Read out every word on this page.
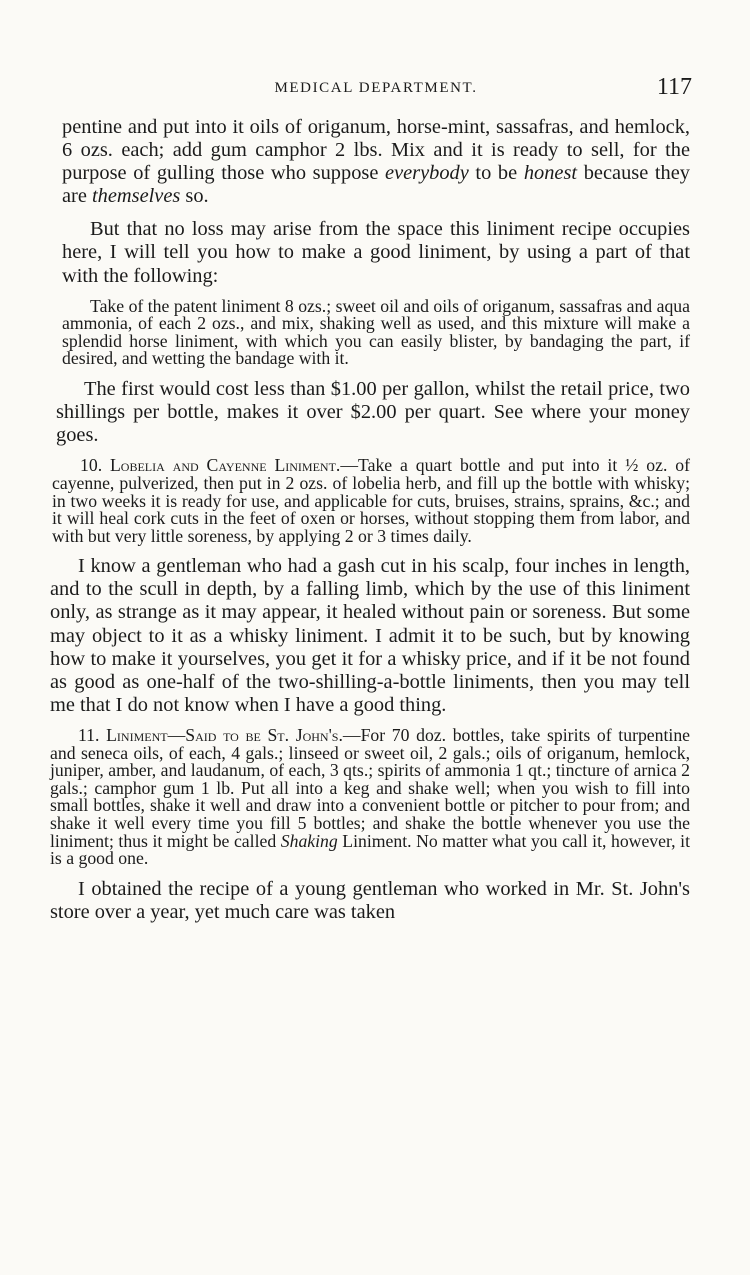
MEDICAL DEPARTMENT.	117

pentine and put into it oils of origanum, horse-mint, sassafras, and hemlock, 6 ozs. each; add gum camphor 2 lbs. Mix and it is ready to sell, for the purpose of gulling those who suppose everybody to be honest because they are themselves so.

But that no loss may arise from the space this liniment recipe occupies here, I will tell you how to make a good liniment, by using a part of that with the following:

Take of the patent liniment 8 ozs.; sweet oil and oils of origanum, sassafras and aqua ammonia, of each 2 ozs., and mix, shaking well as used, and this mixture will make a splendid horse liniment, with which you can easily blister, by bandaging the part, if desired, and wetting the bandage with it.

The first would cost less than $1.00 per gallon, whilst the retail price, two shillings per bottle, makes it over $2.00 per quart. See where your money goes.

10. Lobelia and Cayenne Liniment.—Take a quart bottle and put into it ½ oz. of cayenne, pulverized, then put in 2 ozs. of lobelia herb, and fill up the bottle with whisky; in two weeks it is ready for use, and applicable for cuts, bruises, strains, sprains, &c.; and it will heal cork cuts in the feet of oxen or horses, without stopping them from labor, and with but very little soreness, by applying 2 or 3 times daily.

I know a gentleman who had a gash cut in his scalp, four inches in length, and to the scull in depth, by a falling limb, which by the use of this liniment only, as strange as it may appear, it healed without pain or soreness. But some may object to it as a whisky liniment. I admit it to be such, but by knowing how to make it yourselves, you get it for a whisky price, and if it be not found as good as one-half of the two-shilling-a-bottle liniments, then you may tell me that I do not know when I have a good thing.

11. Liniment—Said to be St. John's.—For 70 doz. bottles, take spirits of turpentine and seneca oils, of each, 4 gals.; linseed or sweet oil, 2 gals.; oils of origanum, hemlock, juniper, amber, and laudanum, of each, 3 qts.; spirits of ammonia 1 qt.; tincture of arnica 2 gals.; camphor gum 1 lb. Put all into a keg and shake well; when you wish to fill into small bottles, shake it well and draw into a convenient bottle or pitcher to pour from; and shake it well every time you fill 5 bottles; and shake the bottle whenever you use the liniment; thus it might be called Shaking Liniment. No matter what you call it, however, it is a good one.

I obtained the recipe of a young gentleman who worked in Mr. St. John's store over a year, yet much care was taken
